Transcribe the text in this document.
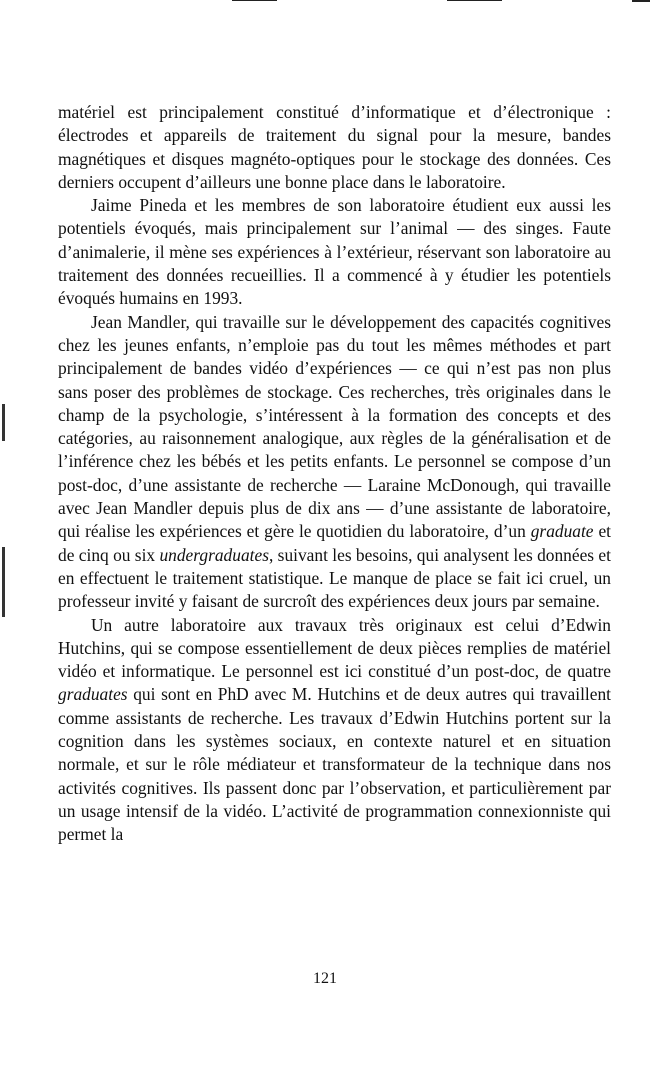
matériel est principalement constitué d’informatique et d’électronique : électrodes et appareils de traitement du signal pour la mesure, bandes magnétiques et disques magnéto-optiques pour le stockage des données. Ces derniers occupent d’ailleurs une bonne place dans le laboratoire.

Jaime Pineda et les membres de son laboratoire étudient eux aussi les potentiels évoqués, mais principalement sur l’animal — des singes. Faute d’animalerie, il mène ses expériences à l’extérieur, réservant son laboratoire au traitement des données recueillies. Il a commencé à y étudier les potentiels évoqués humains en 1993.

Jean Mandler, qui travaille sur le développement des capacités cognitives chez les jeunes enfants, n’emploie pas du tout les mêmes méthodes et part principalement de bandes vidéo d’expériences — ce qui n’est pas non plus sans poser des problèmes de stockage. Ces recherches, très originales dans le champ de la psychologie, s’intéressent à la formation des concepts et des catégories, au raisonnement analogique, aux règles de la généralisation et de l’inférence chez les bébés et les petits enfants. Le personnel se compose d’un post-doc, d’une assistante de recherche — Laraine McDonough, qui travaille avec Jean Mandler depuis plus de dix ans — d’une assistante de laboratoire, qui réalise les expériences et gère le quotidien du laboratoire, d’un graduate et de cinq ou six undergraduates, suivant les besoins, qui analysent les données et en effectuent le traitement statistique. Le manque de place se fait ici cruel, un professeur invité y faisant de surcroît des expériences deux jours par semaine.

Un autre laboratoire aux travaux très originaux est celui d’Edwin Hutchins, qui se compose essentiellement de deux pièces remplies de matériel vidéo et informatique. Le personnel est ici constitué d’un post-doc, de quatre graduates qui sont en PhD avec M. Hutchins et de deux autres qui travaillent comme assistants de recherche. Les travaux d’Edwin Hutchins portent sur la cognition dans les systèmes sociaux, en contexte naturel et en situation normale, et sur le rôle médiateur et transformateur de la technique dans nos activités cognitives. Ils passent donc par l’observation, et particulièrement par un usage intensif de la vidéo. L’activité de programmation connexionniste qui permet la

121
